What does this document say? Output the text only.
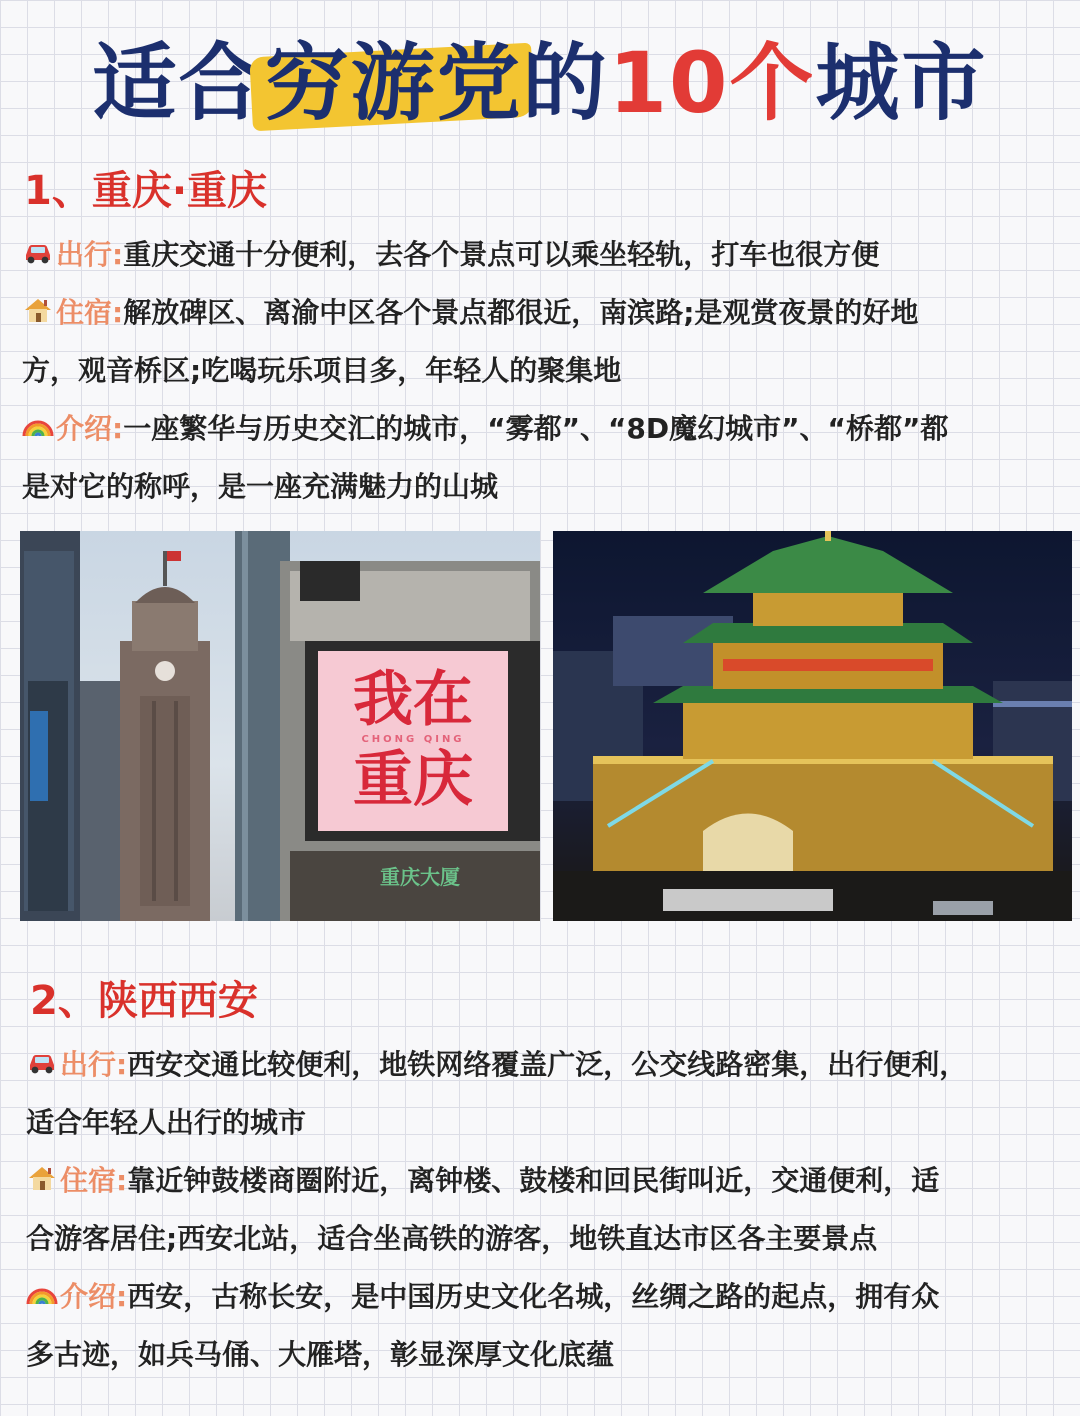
适合穷游党的10个城市
1、重庆·重庆
出行:重庆交通十分便利，去各个景点可以乘坐轻轨，打车也很方便
住宿:解放碑区、离渝中区各个景点都很近，南滨路;是观赏夜景的好地
方，观音桥区;吃喝玩乐项目多，年轻人的聚集地
介绍:一座繁华与历史交汇的城市，“雾都”、“8D魔幻城市”、“桥都”都
是对它的称呼，是一座充满魅力的山城
我在
CHONG QING
重庆
重庆大厦
2、陕西西安
出行:西安交通比较便利，地铁网络覆盖广泛，公交线路密集，出行便利，
适合年轻人出行的城市
住宿:靠近钟鼓楼商圈附近，离钟楼、鼓楼和回民街叫近，交通便利，适
合游客居住;西安北站，适合坐高铁的游客，地铁直达市区各主要景点
介绍:西安，古称长安，是中国历史文化名城，丝绸之路的起点，拥有众
多古迹，如兵马俑、大雁塔，彰显深厚文化底蕴
